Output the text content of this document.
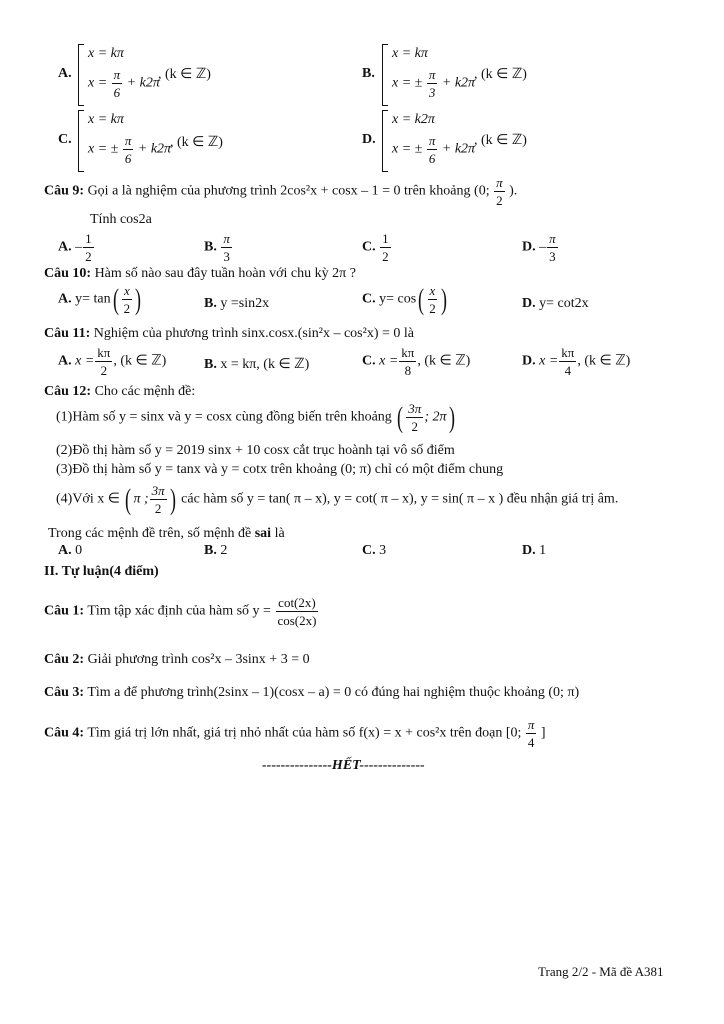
A.
x = kπ
$x = \frac{\pi}{6} + k2\pi$
, (k ∈ ℤ)	B.
x = kπ
x = ± $\frac{\pi}{3} + k2\pi$
, (k ∈ ℤ)
C.
x = kπ
x = ± $\frac{\pi}{6} + k2\pi$
, (k ∈ ℤ)	D.
x = k2π
x = ± $\frac{\pi}{6} + k2\pi$
, (k ∈ ℤ)
Câu 9: Gọi a là nghiệm của phương trình 2cos²x + cosx – 1 = 0 trên khoảng (0; $\frac{\pi}{2}$ ).
Tính cos2a
A. – $\frac{1}{2}$	B. $\frac{\pi}{3}$	C. $\frac{1}{2}$	D. – $\frac{\pi}{3}$
Câu 10: Hàm số nào sau đây tuần hoàn với chu kỳ 2π ?
A. $y= \tan( \frac{x}{2}$ )	B. y =sin2x	C. $y= \cos( \frac{x}{2}$ )	D. y= cot2x
Câu 11: Nghiệm của phương trình sinx.cosx.(sin²x – cos²x) = 0 là
A. $x = \frac{k\pi}{2}$ , (k ∈ ℤ)	B. x = kπ, (k ∈ ℤ)	C. $x = \frac{k\pi}{8}$ , (k ∈ ℤ)	D. $x = \frac{k\pi}{4}$ , (k ∈ ℤ)
Câu 12: Cho các mệnh đề:
(1)Hàm số y = sinx và y = cosx cùng đồng biến trên khoảng ( $\frac{3\pi}{2}$ ; 2π)
(2)Đồ thị hàm số y = 2019 sinx + 10 cosx cắt trục hoành tại vô số điểm
(3)Đồ thị hàm số y = tanx và y = cotx trên khoảng (0; π) chỉ có một điểm chung
(4)Với x ∈ ( π ; $\frac{3\pi}{2}$ ) các hàm số y = tan( π – x), y = cot( π – x), y = sin( π – x ) đều nhận giá trị âm.
Trong các mệnh đề trên, số mệnh đề sai là
A. 0	B. 2	C. 3	D. 1
II. Tự luận(4 điểm)
Câu 1: Tìm tập xác định của hàm số $y = \frac{\cot(2x)}{\cos(2x)}$
Câu 2: Giải phương trình cos²x – 3sinx + 3 = 0
Câu 3: Tìm a để phương trình(2sinx – 1)(cosx – a) = 0 có đúng hai nghiệm thuộc khoảng (0; π)
Câu 4: Tìm giá trị lớn nhất, giá trị nhỏ nhất của hàm số f(x) = x + cos²x trên đoạn [0; $\frac{\pi}{4}$ ]
---------------HẾT--------------
Trang 2/2 - Mã đề A381
